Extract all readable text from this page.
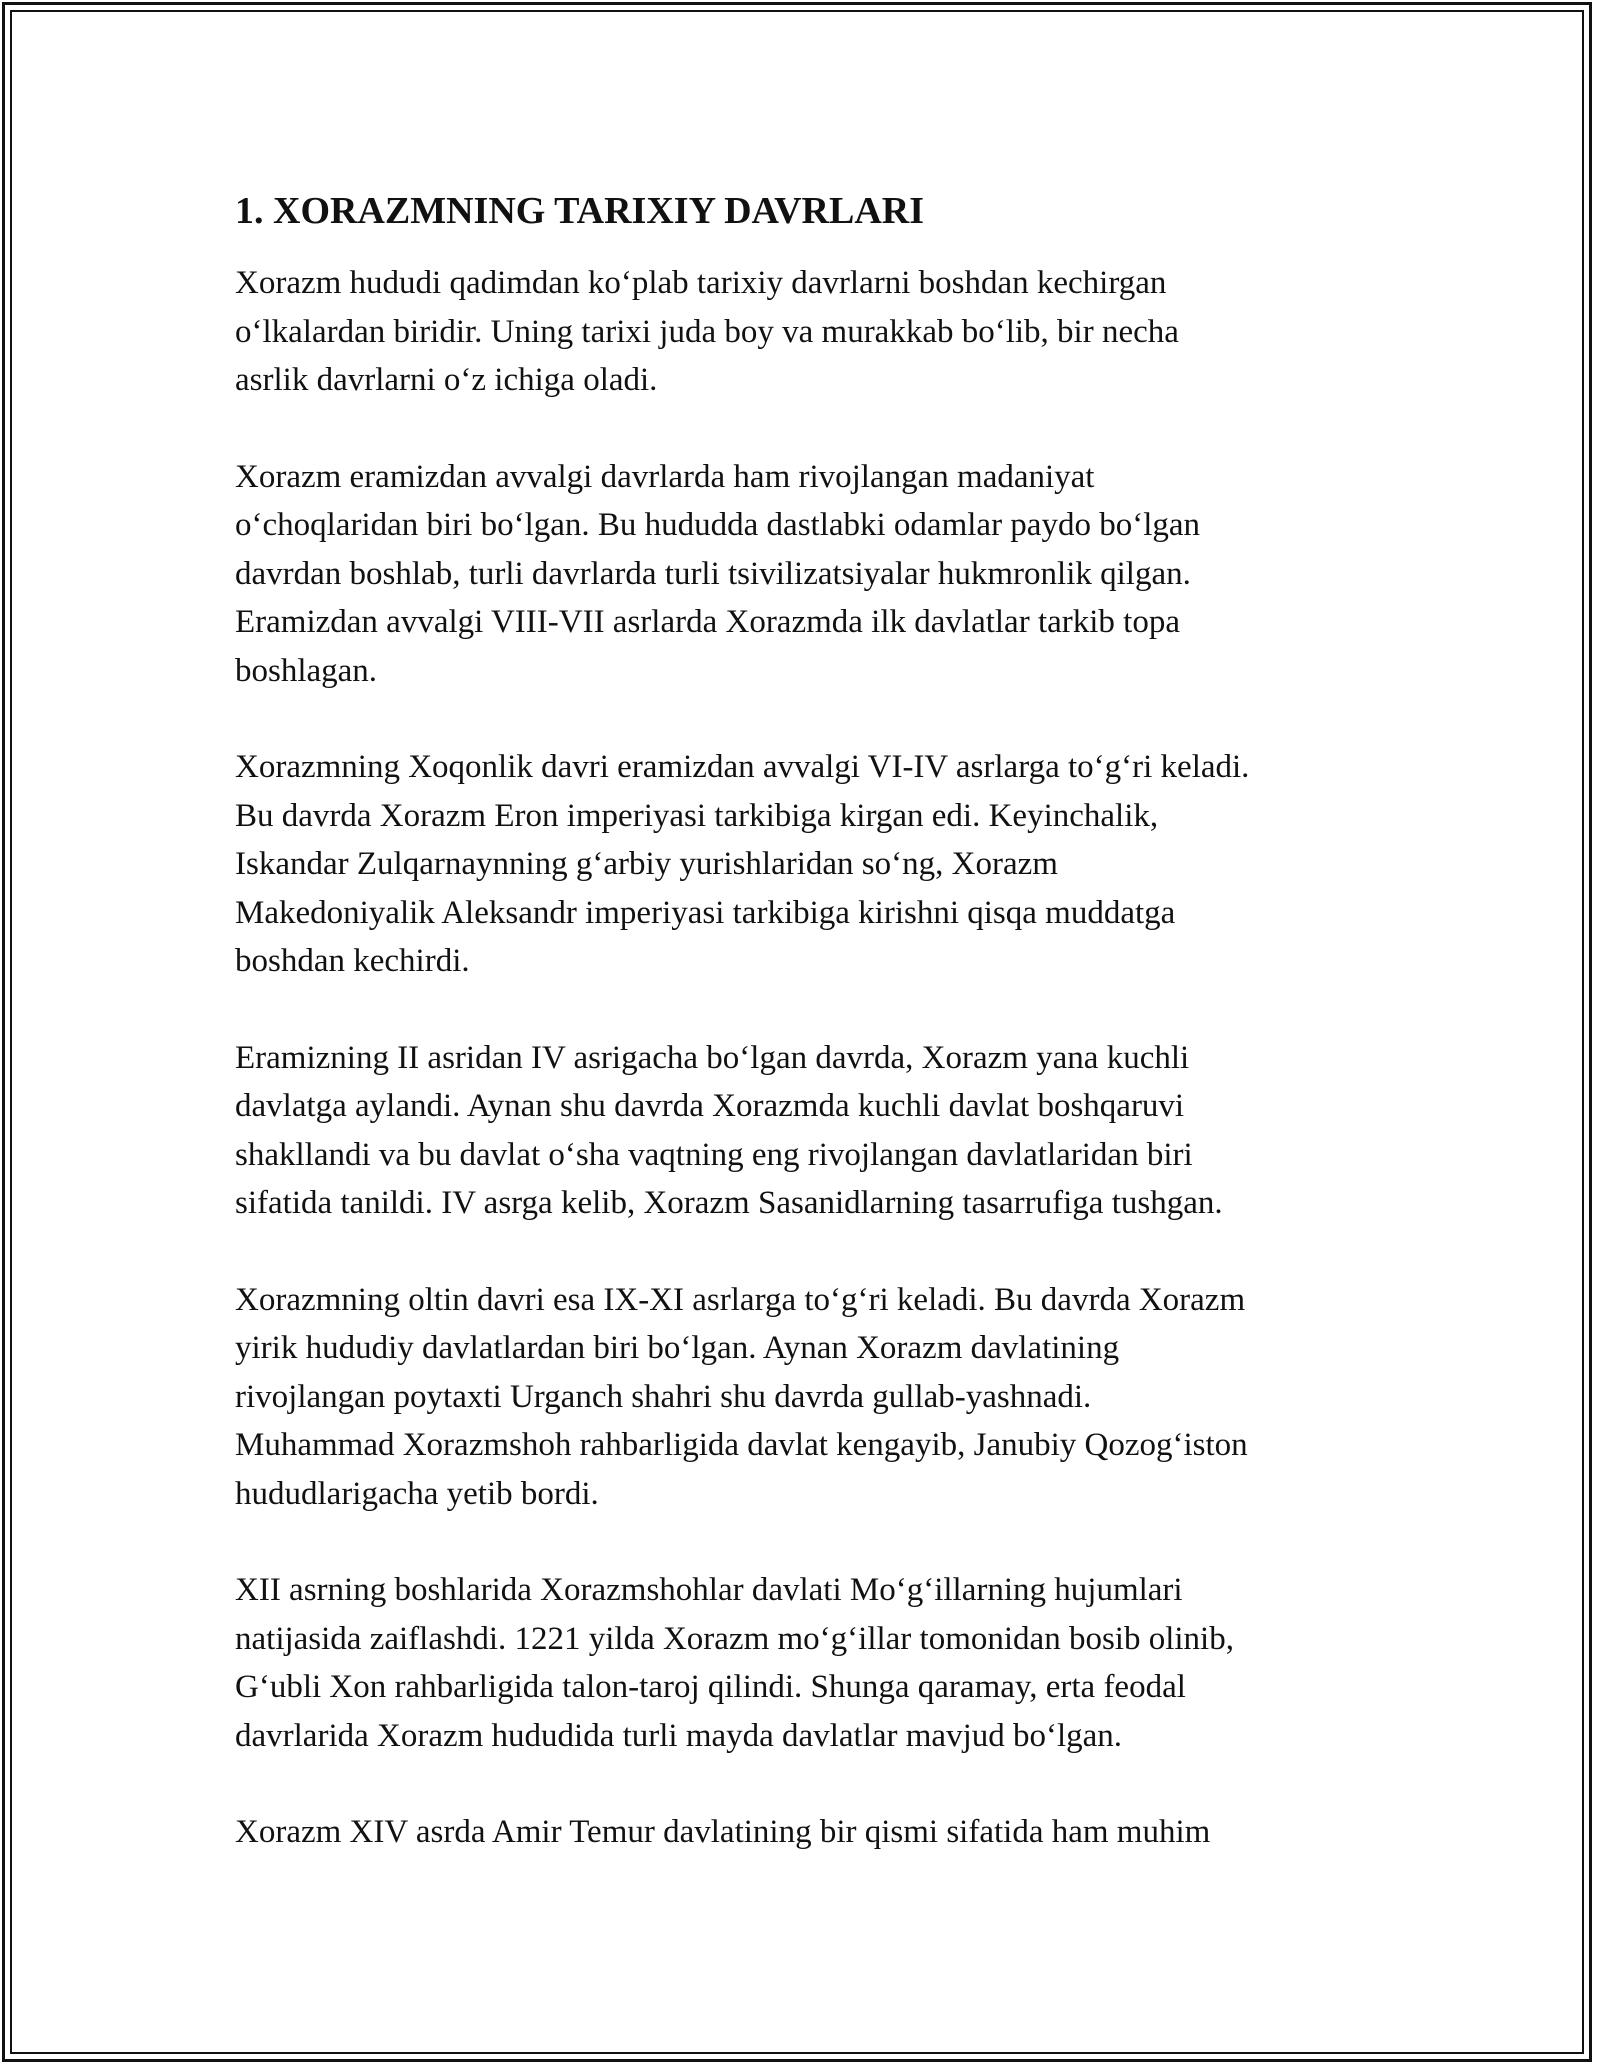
1. XORAZMNING TARIXIY DAVRLARI

Xorazm hududi qadimdan ko‘plab tarixiy davrlarni boshdan kechirgan
o‘lkalardan biridir. Uning tarixi juda boy va murakkab bo‘lib, bir necha
asrlik davrlarni o‘z ichiga oladi.

Xorazm eramizdan avvalgi davrlarda ham rivojlangan madaniyat
o‘choqlaridan biri bo‘lgan. Bu hududda dastlabki odamlar paydo bo‘lgan
davrdan boshlab, turli davrlarda turli tsivilizatsiyalar hukmronlik qilgan.
Eramizdan avvalgi VIII-VII asrlarda Xorazmda ilk davlatlar tarkib topa
boshlagan.

Xorazmning Xoqonlik davri eramizdan avvalgi VI-IV asrlarga to‘g‘ri keladi.
Bu davrda Xorazm Eron imperiyasi tarkibiga kirgan edi. Keyinchalik,
Iskandar Zulqarnaynning g‘arbiy yurishlaridan so‘ng, Xorazm
Makedoniyalik Aleksandr imperiyasi tarkibiga kirishni qisqa muddatga
boshdan kechirdi.

Eramizning II asridan IV asrigacha bo‘lgan davrda, Xorazm yana kuchli
davlatga aylandi. Aynan shu davrda Xorazmda kuchli davlat boshqaruvi
shakllandi va bu davlat o‘sha vaqtning eng rivojlangan davlatlaridan biri
sifatida tanildi. IV asrga kelib, Xorazm Sasanidlarning tasarrufiga tushgan.

Xorazmning oltin davri esa IX-XI asrlarga to‘g‘ri keladi. Bu davrda Xorazm
yirik hududiy davlatlardan biri bo‘lgan. Aynan Xorazm davlatining
rivojlangan poytaxti Urganch shahri shu davrda gullab-yashnadi.
Muhammad Xorazmshoh rahbarligida davlat kengayib, Janubiy Qozog‘iston
hududlarigacha yetib bordi.

XII asrning boshlarida Xorazmshohlar davlati Mo‘g‘illarning hujumlari
natijasida zaiflashdi. 1221 yilda Xorazm mo‘g‘illar tomonidan bosib olinib,
G‘ubli Xon rahbarligida talon-taroj qilindi. Shunga qaramay, erta feodal
davrlarida Xorazm hududida turli mayda davlatlar mavjud bo‘lgan.

Xorazm XIV asrda Amir Temur davlatining bir qismi sifatida ham muhim
